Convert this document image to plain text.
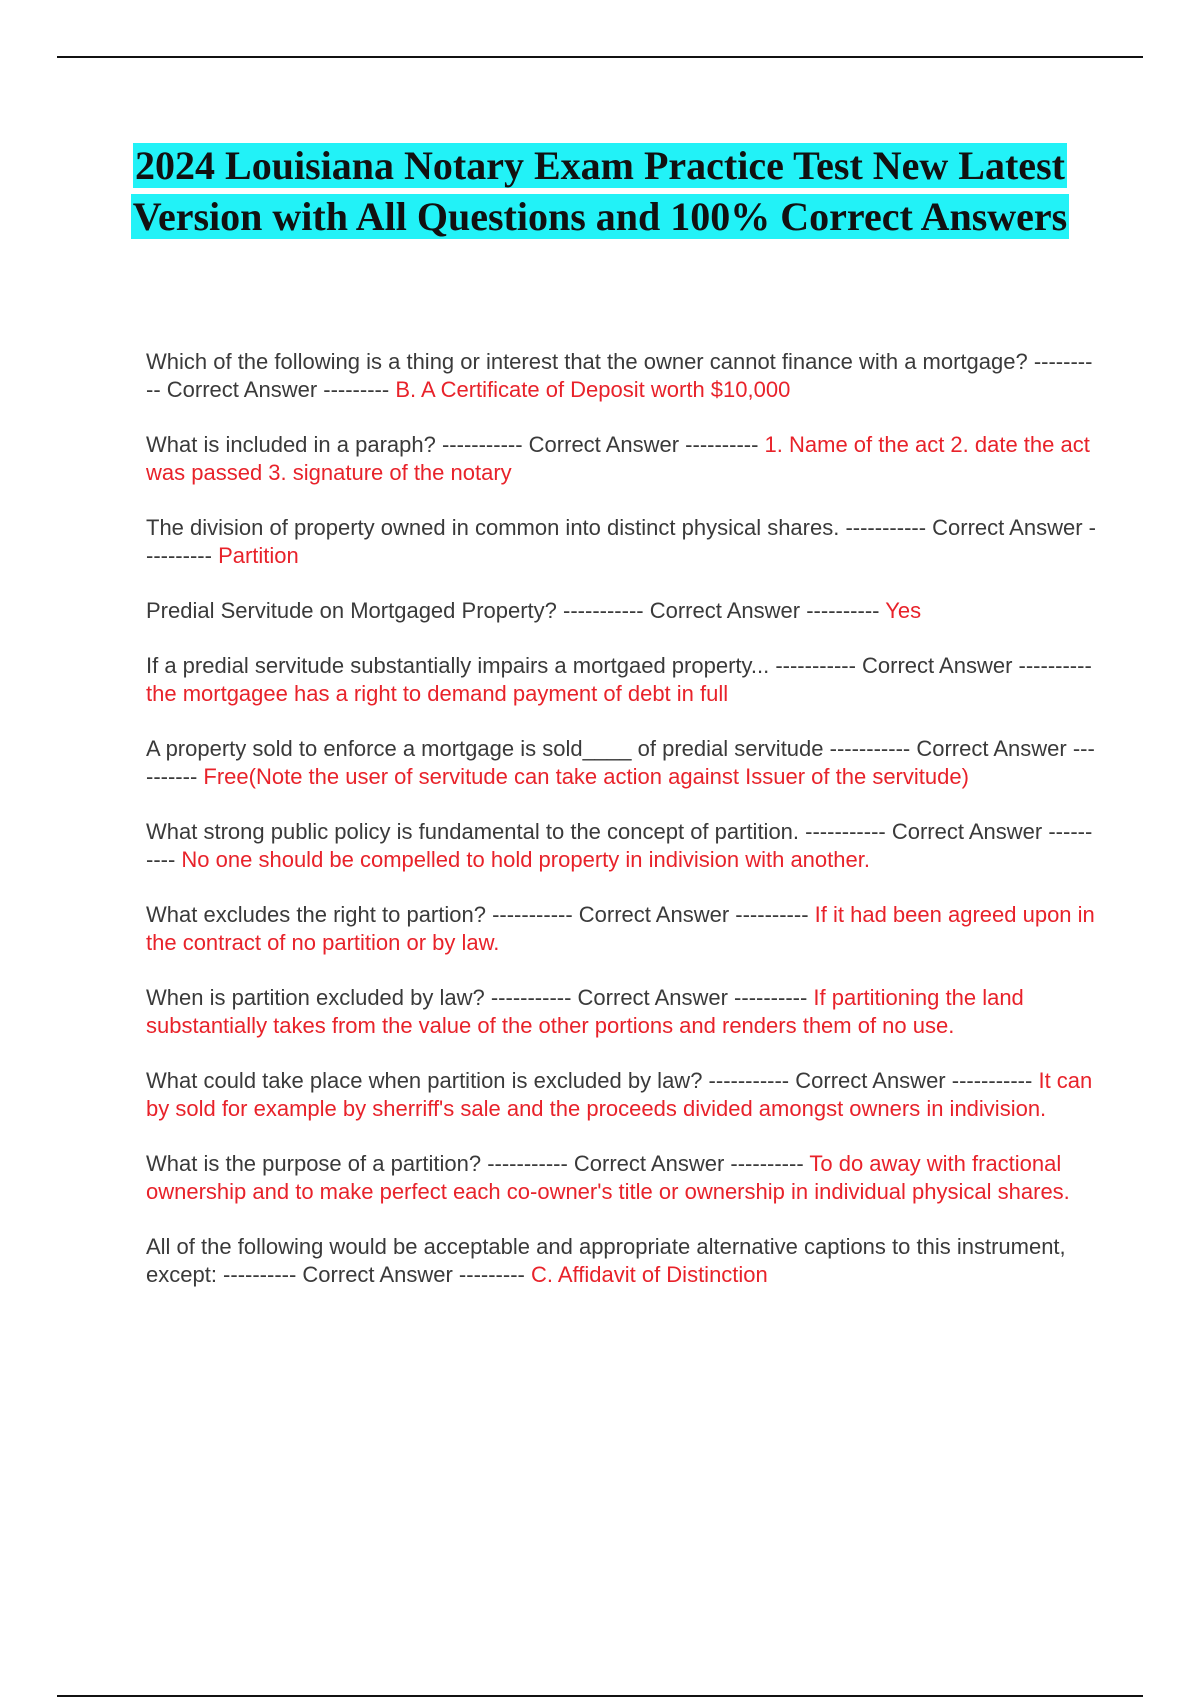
2024 Louisiana Notary Exam Practice Test New Latest Version with All Questions and 100% Correct Answers

Which of the following is a thing or interest that the owner cannot finance with a mortgage? ---------- Correct Answer --------- B. A Certificate of Deposit worth $10,000

What is included in a paraph? ----------- Correct Answer ---------- 1. Name of the act 2. date the act was passed 3. signature of the notary

The division of property owned in common into distinct physical shares. ----------- Correct Answer ---------- Partition

Predial Servitude on Mortgaged Property? ----------- Correct Answer ---------- Yes

If a predial servitude substantially impairs a mortgaed property... ----------- Correct Answer ---------- the mortgagee has a right to demand payment of debt in full

A property sold to enforce a mortgage is sold____ of predial servitude ----------- Correct Answer ---------- Free(Note the user of servitude can take action against Issuer of the servitude)

What strong public policy is fundamental to the concept of partition. ----------- Correct Answer ---------- No one should be compelled to hold property in indivision with another.

What excludes the right to partion? ----------- Correct Answer ---------- If it had been agreed upon in the contract of no partition or by law.

When is partition excluded by law? ----------- Correct Answer ---------- If partitioning the land substantially takes from the value of the other portions and renders them of no use.

What could take place when partition is excluded by law? ----------- Correct Answer ----------- It can by sold for example by sherriff's sale and the proceeds divided amongst owners in indivision.

What is the purpose of a partition? ----------- Correct Answer ---------- To do away with fractional ownership and to make perfect each co-owner's title or ownership in individual physical shares.

All of the following would be acceptable and appropriate alternative captions to this instrument, except: ---------- Correct Answer --------- C. Affidavit of Distinction
